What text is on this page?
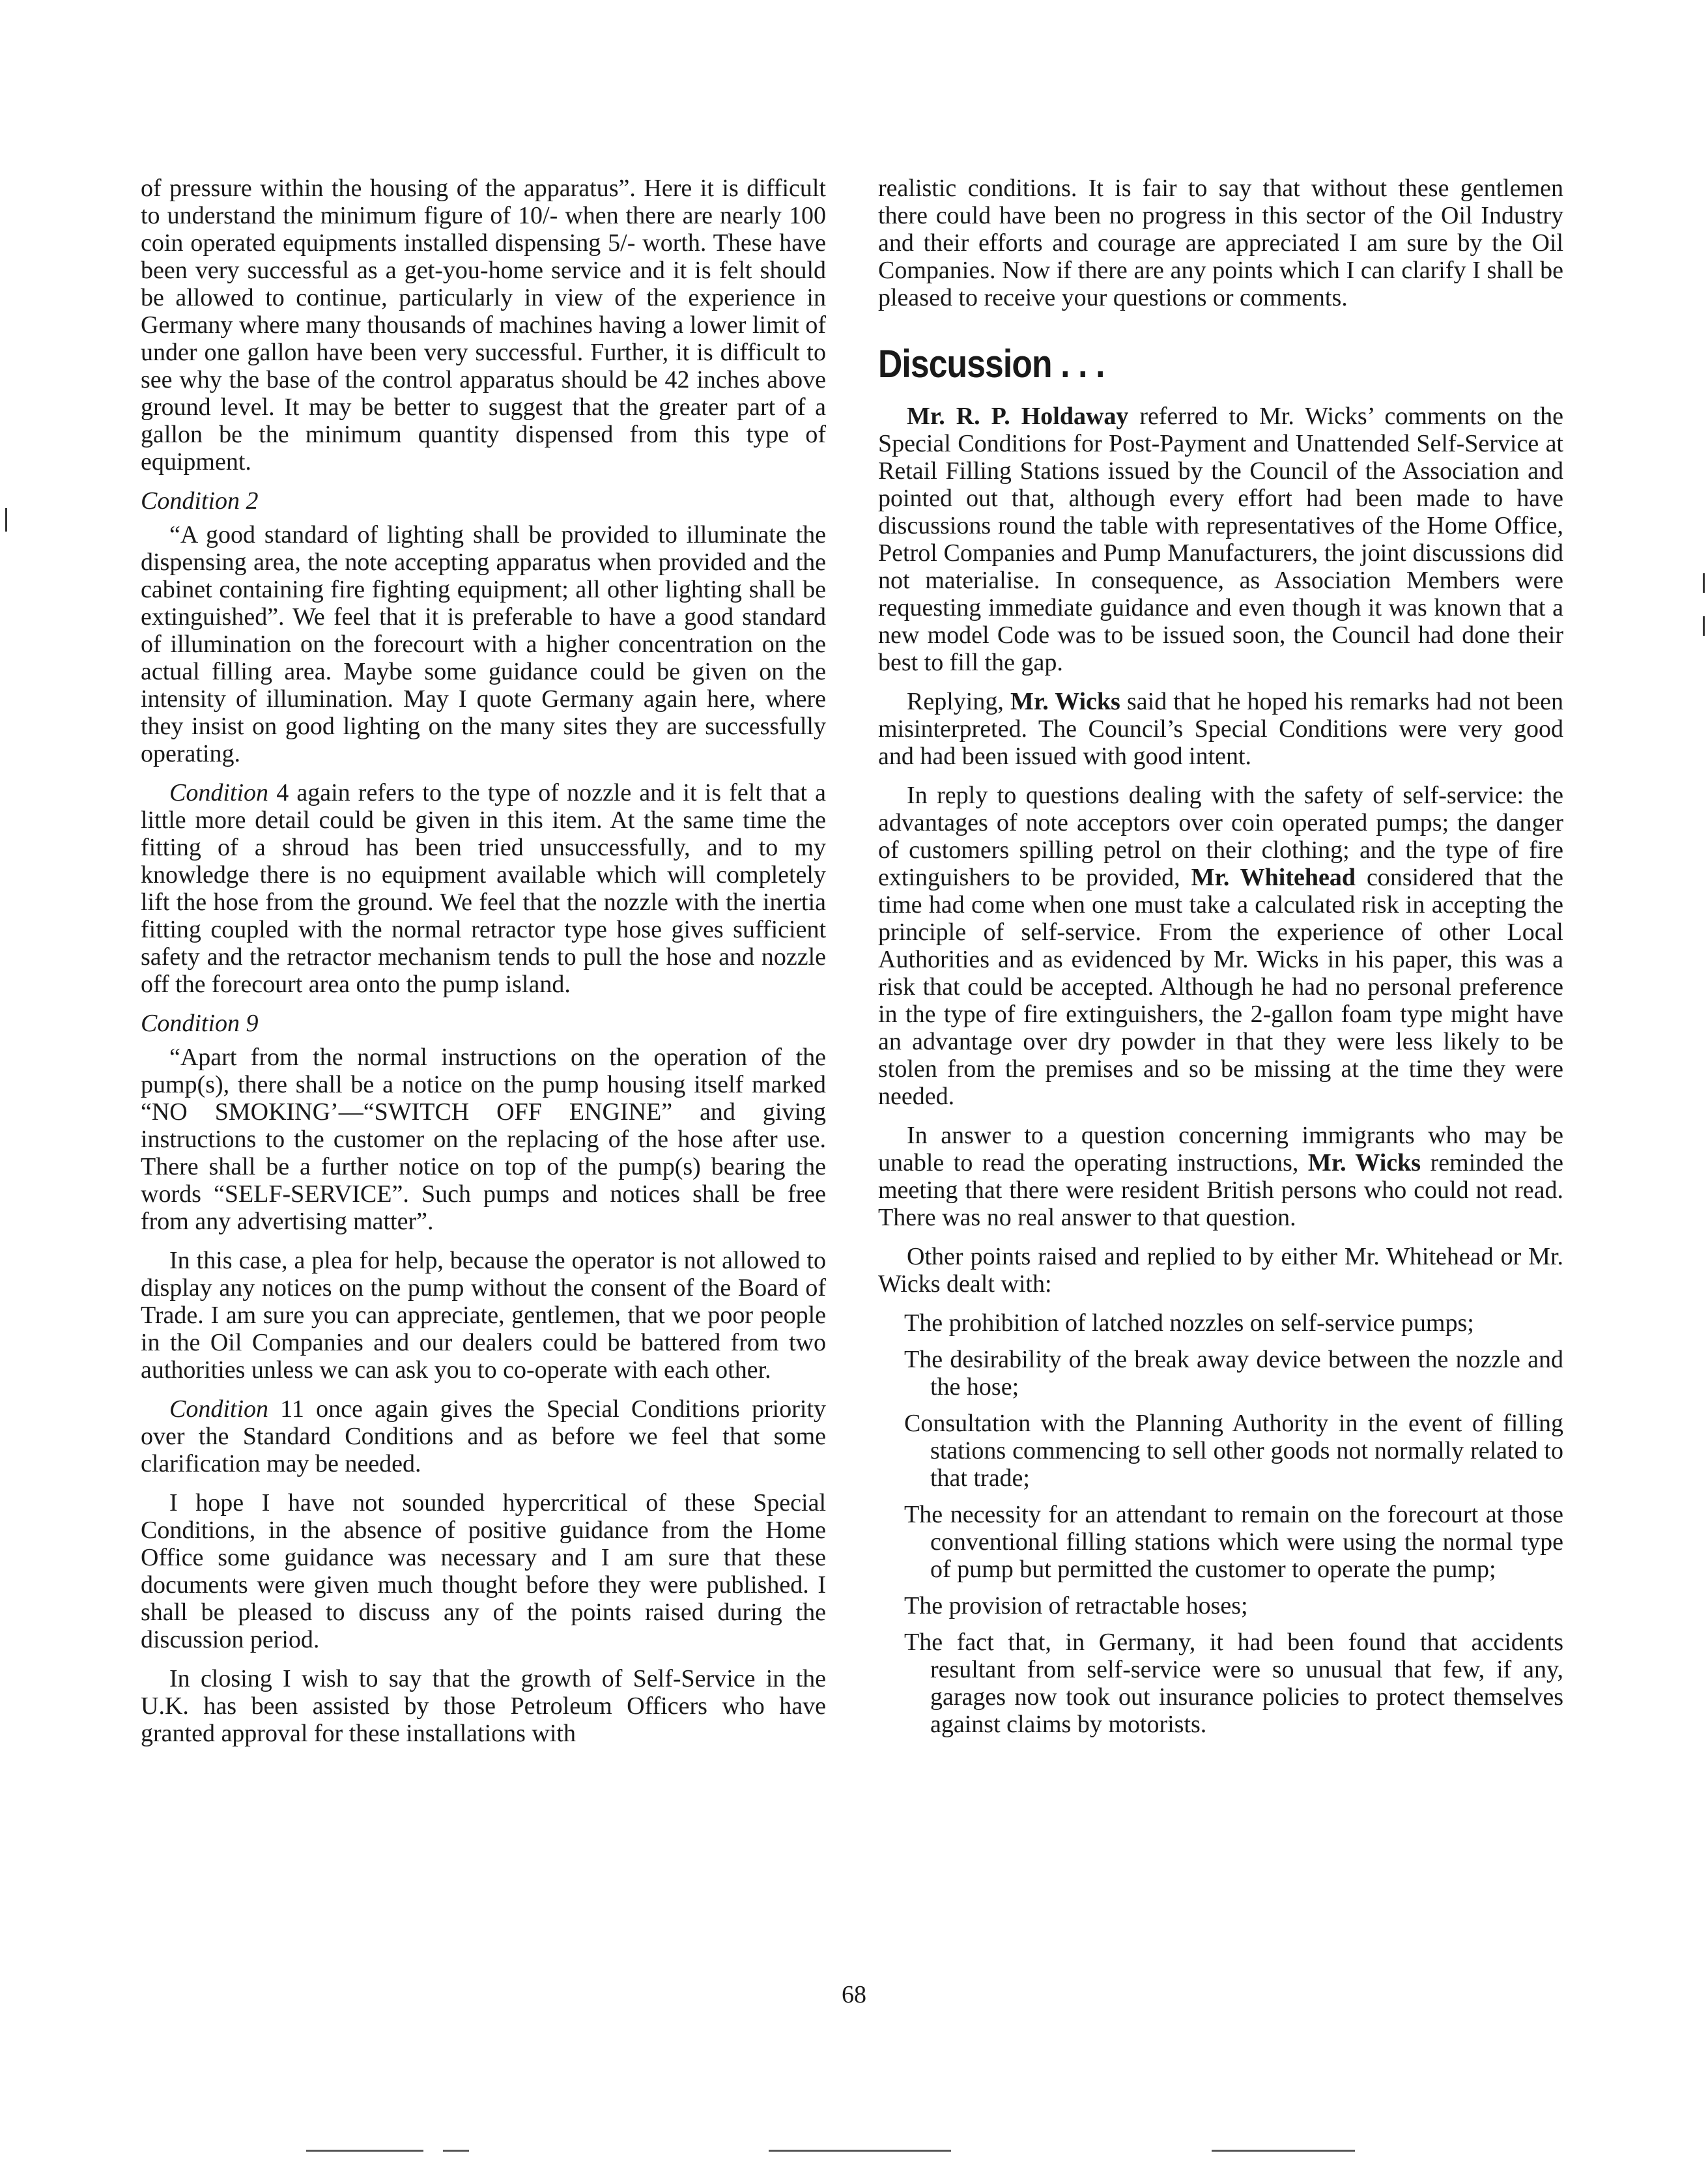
of pressure within the housing of the apparatus”. Here it is difficult to understand the minimum figure of 10/- when there are nearly 100 coin operated equipments installed dispensing 5/- worth. These have been very successful as a get-you-home service and it is felt should be allowed to continue, particularly in view of the experience in Germany where many thousands of machines having a lower limit of under one gallon have been very successful. Further, it is difficult to see why the base of the control apparatus should be 42 inches above ground level. It may be better to suggest that the greater part of a gallon be the minimum quantity dispensed from this type of equipment.

Condition 2

“A good standard of lighting shall be provided to illuminate the dispensing area, the note accepting apparatus when provided and the cabinet containing fire fighting equipment; all other lighting shall be extinguished”. We feel that it is preferable to have a good standard of illumination on the forecourt with a higher concentration on the actual filling area. Maybe some guidance could be given on the intensity of illumination. May I quote Germany again here, where they insist on good lighting on the many sites they are successfully operating.

Condition 4 again refers to the type of nozzle and it is felt that a little more detail could be given in this item. At the same time the fitting of a shroud has been tried unsuccessfully, and to my knowledge there is no equipment available which will completely lift the hose from the ground. We feel that the nozzle with the inertia fitting coupled with the normal retractor type hose gives sufficient safety and the retractor mechanism tends to pull the hose and nozzle off the forecourt area onto the pump island.

Condition 9

“Apart from the normal instructions on the operation of the pump(s), there shall be a notice on the pump housing itself marked “NO SMOKING’—“SWITCH OFF ENGINE” and giving instructions to the customer on the replacing of the hose after use. There shall be a further notice on top of the pump(s) bearing the words “SELF-SERVICE”. Such pumps and notices shall be free from any advertising matter”.

In this case, a plea for help, because the operator is not allowed to display any notices on the pump without the consent of the Board of Trade. I am sure you can appreciate, gentlemen, that we poor people in the Oil Companies and our dealers could be battered from two authorities unless we can ask you to co-operate with each other.

Condition 11 once again gives the Special Conditions priority over the Standard Conditions and as before we feel that some clarification may be needed.

I hope I have not sounded hypercritical of these Special Conditions, in the absence of positive guidance from the Home Office some guidance was necessary and I am sure that these documents were given much thought before they were published. I shall be pleased to discuss any of the points raised during the discussion period.

In closing I wish to say that the growth of Self-Service in the U.K. has been assisted by those Petroleum Officers who have granted approval for these installations with

realistic conditions. It is fair to say that without these gentlemen there could have been no progress in this sector of the Oil Industry and their efforts and courage are appreciated I am sure by the Oil Companies. Now if there are any points which I can clarify I shall be pleased to receive your questions or comments.

Discussion . . .

Mr. R. P. Holdaway referred to Mr. Wicks’ comments on the Special Conditions for Post-Payment and Unattended Self-Service at Retail Filling Stations issued by the Council of the Association and pointed out that, although every effort had been made to have discussions round the table with representatives of the Home Office, Petrol Companies and Pump Manufacturers, the joint discussions did not materialise. In consequence, as Association Members were requesting immediate guidance and even though it was known that a new model Code was to be issued soon, the Council had done their best to fill the gap.

Replying, Mr. Wicks said that he hoped his remarks had not been misinterpreted. The Council’s Special Conditions were very good and had been issued with good intent.

In reply to questions dealing with the safety of self-service: the advantages of note acceptors over coin operated pumps; the danger of customers spilling petrol on their clothing; and the type of fire extinguishers to be provided, Mr. Whitehead considered that the time had come when one must take a calculated risk in accepting the principle of self-service. From the experience of other Local Authorities and as evidenced by Mr. Wicks in his paper, this was a risk that could be accepted. Although he had no personal preference in the type of fire extinguishers, the 2-gallon foam type might have an advantage over dry powder in that they were less likely to be stolen from the premises and so be missing at the time they were needed.

In answer to a question concerning immigrants who may be unable to read the operating instructions, Mr. Wicks reminded the meeting that there were resident British persons who could not read. There was no real answer to that question.

Other points raised and replied to by either Mr. Whitehead or Mr. Wicks dealt with:

The prohibition of latched nozzles on self-service pumps;
The desirability of the break away device between the nozzle and the hose;
Consultation with the Planning Authority in the event of filling stations commencing to sell other goods not normally related to that trade;
The necessity for an attendant to remain on the forecourt at those conventional filling stations which were using the normal type of pump but permitted the customer to operate the pump;
The provision of retractable hoses;
The fact that, in Germany, it had been found that accidents resultant from self-service were so unusual that few, if any, garages now took out insurance policies to protect themselves against claims by motorists.
68
